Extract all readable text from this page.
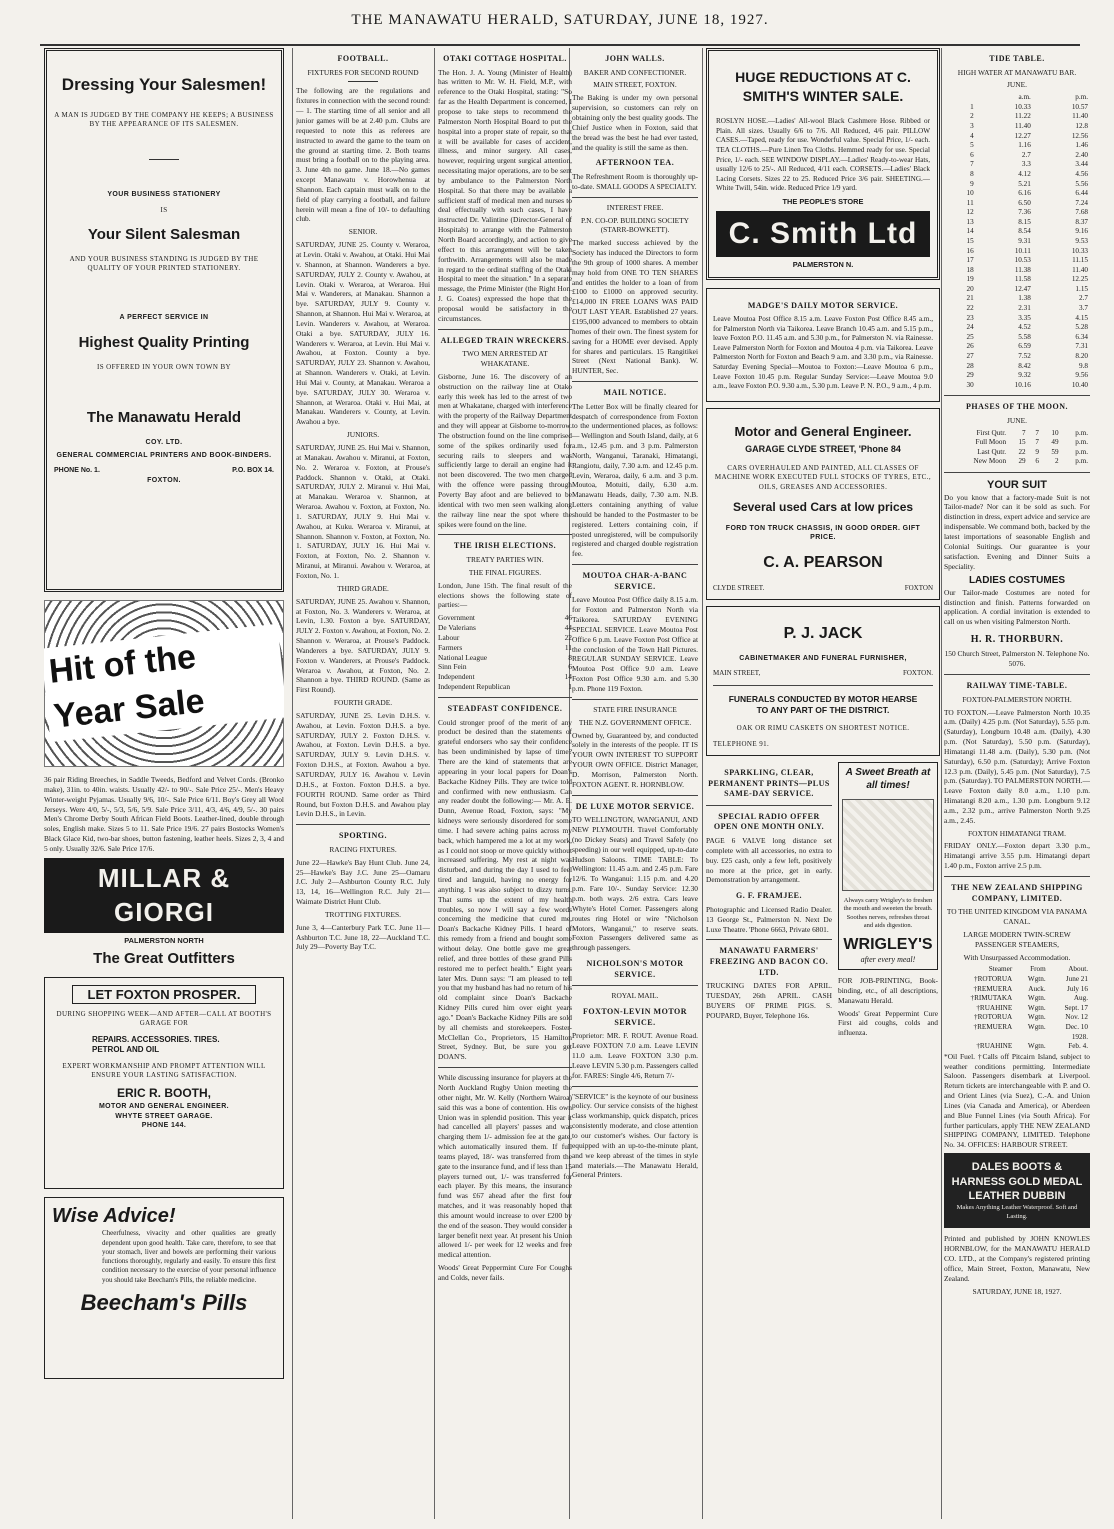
THE MANAWATU HERALD, SATURDAY, JUNE 18, 1927.
Dressing Your Salesmen!
A MAN IS JUDGED BY THE COMPANY HE KEEPS; A BUSINESS BY THE APPEARANCE OF ITS SALESMEN.
YOUR BUSINESS STATIONERY
IS
Your Silent Salesman
AND YOUR BUSINESS STANDING IS JUDGED BY THE QUALITY OF YOUR PRINTED STATIONERY.
A PERFECT SERVICE IN
Highest Quality Printing
IS OFFERED IN YOUR OWN TOWN BY
The Manawatu Herald
COY. LTD.
GENERAL COMMERCIAL PRINTERS AND BOOK-BINDERS.
PHONE No. 1.	P.O. BOX 14.
FOXTON.
Hit of the Year Sale

36 pair Riding Breeches, in Saddle Tweeds, Bedford and Velvet Cords. (Bronko make), 31in. to 40in. waists. Usually 42/- to 90/-. Sale Price 25/-. Men's Heavy Winter-weight Pyjamas. Usually 9/6, 10/-. Sale Price 6/11. Boy's Grey all Wool Jerseys. Were 4/0, 5/-, 5/3, 5/6, 5/9. Sale Price 3/11, 4/3, 4/6, 4/9, 5/-. 30 pairs Men's Chrome Derby South African Field Boots. Leather-lined, double through soles, English make. Sizes 5 to 11. Sale Price 19/6. 27 pairs Bostocks Women's Black Glace Kid, two-bar shoes, button fastening, leather heels. Sizes 2, 3, 4 and 5 only. Usually 32/6. Sale Price 17/6.

MILLAR & GIORGI
PALMERSTON NORTH
The Great Outfitters
LET FOXTON PROSPER.
DURING SHOPPING WEEK—AND AFTER—CALL AT BOOTH'S GARAGE FOR
REPAIRS. ACCESSORIES. TIRES. PETROL AND OIL
EXPERT WORKMANSHIP AND PROMPT ATTENTION WILL ENSURE YOUR LASTING SATISFACTION.
ERIC R. BOOTH,
MOTOR AND GENERAL ENGINEER.
WHYTE STREET GARAGE.
PHONE 144.
Wise Advice!

Cheerfulness, vivacity and other qualities are greatly dependent upon good health. Take care, therefore, to see that your stomach, liver and bowels are performing their various functions thoroughly, regularly and easily. To ensure this first condition necessary to the exercise of your personal influence you should take Beecham's Pills, the reliable medicine.

Beecham's Pills
FOOTBALL.
FIXTURES FOR SECOND ROUND

The following are the regulations and fixtures in connection with the second round:— 1. The starting time of all senior and all junior games will be at 2.40 p.m. Clubs are requested to note this as referees are instructed to award the game to the team on the ground at starting time. 2. Both teams must bring a football on to the playing area. 3. June 4th no game. June 18.—No games except Manawatu v. Horowhenua at Shannon. Each captain must walk on to the field of play carrying a football, and failure herein will mean a fine of 10/- to defaulting club.

SENIOR.

SATURDAY, JUNE 25. County v. Weraroa, at Levin. Otaki v. Awahou, at Otaki. Hui Mai v. Shannon, at Shannon. Wanderers a bye. SATURDAY, JULY 2. County v. Awahou, at Levin. Otaki v. Weraroa, at Weraroa. Hui Mai v. Wanderers, at Manakau. Shannon a bye. SATURDAY, JULY 9. County v. Shannon, at Shannon. Hui Mai v. Weraroa, at Levin. Wanderers v. Awahou, at Weraroa. Otaki a bye. SATURDAY, JULY 16. Wanderers v. Weraroa, at Levin. Hui Mai v. Awahou, at Foxton. County a bye. SATURDAY, JULY 23. Shannon v. Awahou, at Shannon. Wanderers v. Otaki, at Levin. Hui Mai v. County, at Manakau. Weraroa a bye. SATURDAY, JULY 30. Weraroa v. Shannon, at Weraroa. Otaki v. Hui Mai, at Manakau. Wanderers v. County, at Levin. Awahou a bye.

JUNIORS.

SATURDAY, JUNE 25. Hui Mai v. Shannon, at Manakau. Awahou v. Miranui, at Foxton, No. 2. Weraroa v. Foxton, at Prouse's Paddock. Shannon v. Otaki, at Otaki. SATURDAY, JULY 2. Miranui v. Hui Mai, at Manakau. Weraroa v. Shannon, at Weraroa. Awahou v. Foxton, at Foxton, No. 1. SATURDAY, JULY 9. Hui Mai v. Awahou, at Kuku. Weraroa v. Miranui, at Shannon. Shannon v. Foxton, at Foxton, No. 1. SATURDAY, JULY 16. Hui Mai v. Foxton, at Foxton, No. 2. Shannon v. Miranui, at Miranui. Awahou v. Weraroa, at Foxton, No. 1.

THIRD GRADE.

SATURDAY, JUNE 25. Awahou v. Shannon, at Foxton, No. 3. Wanderers v. Weraroa, at Levin, 1.30. Foxton a bye. SATURDAY, JULY 2. Foxton v. Awahou, at Foxton, No. 2. Shannon v. Weraroa, at Prouse's Paddock. Wanderers a bye. SATURDAY, JULY 9. Foxton v. Wanderers, at Prouse's Paddock. Weraroa v. Awahou, at Foxton, No. 2. Shannon a bye. THIRD ROUND. (Same as First Round).

FOURTH GRADE.

SATURDAY, JUNE 25. Levin D.H.S. v. Awahou, at Levin. Foxton D.H.S. a bye. SATURDAY, JULY 2. Foxton D.H.S. v. Awahou, at Foxton. Levin D.H.S. a bye. SATURDAY, JULY 9. Levin D.H.S. v. Foxton D.H.S., at Foxton. Awahou a bye. SATURDAY, JULY 16. Awahou v. Levin D.H.S., at Foxton. Foxton D.H.S. a bye. FOURTH ROUND. Same order as Third Round, but Foxton D.H.S. and Awahou play Levin D.H.S., in Levin.

SPORTING.
RACING FIXTURES.

June 22—Hawke's Bay Hunt Club. June 24, 25—Hawke's Bay J.C. June 25—Oamaru J.C. July 2—Ashburton County R.C. July 13, 14, 16—Wellington R.C. July 21—Waimate District Hunt Club.

TROTTING FIXTURES.

June 3, 4—Canterbury Park T.C. June 11—Ashburton T.C. June 18, 22—Auckland T.C. July 29—Poverty Bay T.C.

OTAKI COTTAGE HOSPITAL.

The Hon. J. A. Young (Minister of Health) has written to Mr. W. H. Field, M.P., with reference to the Otaki Hospital, stating: "So far as the Health Department is concerned, I propose to take steps to recommend the Palmerston North Hospital Board to put the hospital into a proper state of repair, so that it will be available for cases of accident, illness, and minor surgery. All cases, however, requiring urgent surgical attention, necessitating major operations, are to be sent by ambulance to the Palmerston North Hospital. So that there may be available a sufficient staff of medical men and nurses to deal effectually with such cases, I have instructed Dr. Valintine (Director-General of Hospitals) to arrange with the Palmerston North Board accordingly, and action to give effect to this arrangement will be taken forthwith. Arrangements will also be made in regard to the ordinal staffing of the Otaki Hospital to meet the situation." In a separate message, the Prime Minister (the Right Hon. J. G. Coates) expressed the hope that the proposal would be satisfactory in the circumstances.

ALLEGED TRAIN WRECKERS.
TWO MEN ARRESTED AT WHAKATANE.

Gisborne, June 16. The discovery of an obstruction on the railway line at Otako early this week has led to the arrest of two men at Whakatane, charged with interference with the property of the Railway Department and they will appear at Gisborne to-morrow. The obstruction found on the line comprised some of the spikes ordinarily used for securing rails to sleepers and was sufficiently large to derail an engine had it not been discovered. The two men charged with the offence were passing through Poverty Bay afoot and are believed to be identical with two men seen walking along the railway line near the spot where the spikes were found on the line.

THE IRISH ELECTIONS.
TREATY PARTIES WIN.
THE FINAL FIGURES.

London, June 15th. The final result of the elections shows the following state of parties:—

Government	46
De Valerians	44
Labour	22
Farmers	11
National League	8
Sinn Fein	6
Independent	14
Independent Republican	1
STEADFAST CONFIDENCE.

Could stronger proof of the merit of any product be desired than the statements of grateful endorsers who say their confidence has been undiminished by lapse of time? There are the kind of statements that are appearing in your local papers for Doan's Backache Kidney Pills. They are twice told and confirmed with new enthusiasm. Can any reader doubt the following:— Mr. A. E. Dunn, Avenue Road, Foxton, says: "My kidneys were seriously disordered for some time. I had severe aching pains across my back, which hampered me a lot at my work, as I could not stoop or move quickly without increased suffering. My rest at night was disturbed, and during the day I used to feel tired and languid, having no energy for anything. I was also subject to dizzy turns. That sums up the extent of my health troubles, so now I will say a few words concerning the medicine that cured me, Doan's Backache Kidney Pills. I heard of this remedy from a friend and bought some without delay. One bottle gave me great relief, and three bottles of these grand Pills restored me to perfect health." Eight years later Mrs. Dunn says: "I am pleased to tell you that my husband has had no return of his old complaint since Doan's Backache Kidney Pills cured him over eight years ago." Doan's Backache Kidney Pills are sold by all chemists and storekeepers. Foster-McClellan Co., Proprietors, 15 Hamilton Street, Sydney. But, be sure you get DOAN'S.

While discussing insurance for players at the North Auckland Rugby Union meeting the other night, Mr. W. Kelly (Northern Wairoa) said this was a bone of contention. His own Union was in splendid position. This year it had cancelled all players' passes and was charging them 1/- admission fee at the gate, which automatically insured them. If full teams played, 18/- was transferred from the gate to the insurance fund, and if less than 15 players turned out, 1/- was transferred for each player. By this means, the insurance fund was £67 ahead after the first four matches, and it was reasonably hoped that this amount would increase to over £200 by the end of the season. They would consider a larger benefit next year. At present his Union allowed 1/- per week for 12 weeks and free medical attention.

Woods' Great Peppermint Cure For Coughs and Colds, never fails.

JOHN WALLS.
BAKER AND CONFECTIONER.
MAIN STREET, FOXTON.

The Baking is under my own personal supervision, so customers can rely on obtaining only the best quality goods. The Chief Justice when in Foxton, said that the bread was the best he had ever tasted, and the quality is still the same as then.

AFTERNOON TEA.

The Refreshment Room is thoroughly up-to-date. SMALL GOODS A SPECIALTY.

INTEREST FREE.
P.N. CO-OP. BUILDING SOCIETY (STARR-BOWKETT).

The marked success achieved by the Society has induced the Directors to form the 9th group of 1000 shares. A member may hold from ONE TO TEN SHARES and entitles the holder to a loan of from £100 to £1000 on approved security. £14,000 IN FREE LOANS WAS PAID OUT LAST YEAR. Established 27 years. £195,000 advanced to members to obtain homes of their own. The finest system for saving for a HOME ever devised. Apply for shares and particulars. 15 Rangitikei Street (Next National Bank). W. HUNTER, Sec.

MAIL NOTICE.

The Letter Box will be finally cleared for despatch of correspondence from Foxton to the undermentioned places, as follows:— Wellington and South Island, daily, at 6 a.m., 12.45 p.m. and 3 p.m. Palmerston North, Wanganui, Taranaki, Himatangi, Rangiotu, daily, 7.30 a.m. and 12.45 p.m. Levin, Weraroa, daily, 6 a.m. and 3 p.m. Moutoa, Motuiti, daily, 6.30 a.m. Manawatu Heads, daily, 7.30 a.m. N.B. Letters containing anything of value should be handed to the Postmaster to be registered. Letters containing coin, if posted unregistered, will be compulsorily registered and charged double registration fee.

MOUTOA CHAR-A-BANC SERVICE.

Leave Moutoa Post Office daily 8.15 a.m. for Foxton and Palmerston North via Taikorea. SATURDAY EVENING SPECIAL SERVICE. Leave Moutoa Post Office 6 p.m. Leave Foxton Post Office at the conclusion of the Town Hall Pictures. REGULAR SUNDAY SERVICE. Leave Moutoa Post Office 9.0 a.m. Leave Foxton Post Office 9.30 a.m. and 5.30 p.m. Phone 119 Foxton.

STATE FIRE INSURANCE
THE N.Z. GOVERNMENT OFFICE.

Owned by, Guaranteed by, and conducted solely in the interests of the people. IT IS YOUR OWN INTEREST TO SUPPORT YOUR OWN OFFICE. District Manager, D. Morrison, Palmerston North. FOXTON AGENT. R. HORNBLOW.

DE LUXE MOTOR SERVICE.

TO WELLINGTON, WANGANUI, AND NEW PLYMOUTH. Travel Comfortably (no Dickey Seats) and Travel Safely (no speeding) in our well equipped, up-to-date Hudson Saloons. TIME TABLE: To Wellington: 11.45 a.m. and 2.45 p.m. Fare 12/6. To Wanganui: 1.15 p.m. and 4.20 p.m. Fare 10/-. Sunday Service: 12.30 p.m. both ways. 2/6 extra. Cars leave Whyte's Hotel Corner. Passengers along routes ring Hotel or wire "Nicholson Motors, Wanganui," to reserve seats. Foxton Passengers delivered same as through passengers.

NICHOLSON'S MOTOR SERVICE.
ROYAL MAIL.
FOXTON-LEVIN MOTOR SERVICE.

Proprietor: MR. F. ROUT. Avenue Road. Leave FOXTON 7.0 a.m. Leave LEVIN 11.0 a.m. Leave FOXTON 3.30 p.m. Leave LEVIN 5.30 p.m. Passengers called for. FARES: Single 4/6, Return 7/-

"SERVICE" is the keynote of our business policy. Our service consists of the highest class workmanship, quick dispatch, prices consistently moderate, and close attention to our customer's wishes. Our factory is equipped with an up-to-the-minute plant, and we keep abreast of the times in style and materials.—The Manawatu Herald, General Printers.

HUGE REDUCTIONS AT C. SMITH'S WINTER SALE.

ROSLYN HOSE.—Ladies' All-wool Black Cashmere Hose. Ribbed or Plain. All sizes. Usually 6/6 to 7/6. All Reduced, 4/6 pair. PILLOW CASES.—Taped, ready for use. Wonderful value. Special Price, 1/- each. TEA CLOTHS.—Pure Linen Tea Cloths. Hemmed ready for use. Special Price, 1/- each. SEE WINDOW DISPLAY.—Ladies' Ready-to-wear Hats, usually 12/6 to 25/-. All Reduced, 4/11 each. CORSETS.—Ladies' Black Lacing Corsets. Sizes 22 to 25. Reduced Price 3/6 pair. SHEETING.—White Twill, 54in. wide. Reduced Price 1/9 yard.

THE PEOPLE'S STORE
C. Smith Ltd
PALMERSTON N.
MADGE'S DAILY MOTOR SERVICE.

Leave Moutoa Post Office 8.15 a.m. Leave Foxton Post Office 8.45 a.m., for Palmerston North via Taikorea. Leave Branch 10.45 a.m. and 5.15 p.m., leave Foxton P.O. 11.45 a.m. and 5.30 p.m., for Palmerston N. via Rainesse. Leave Palmerston North for Foxton and Moutoa 4 p.m. via Taikorea. Leave Palmerston North for Foxton and Beach 9 a.m. and 3.30 p.m., via Rainesse. Saturday Evening Special—Moutoa to Foxton:—Leave Moutoa 6 p.m., Leave Foxton 10.45 p.m. Regular Sunday Service:—Leave Moutoa 9.0 a.m., leave Foxton P.O. 9.30 a.m., 5.30 p.m. Leave P. N. P.O., 9 a.m., 4 p.m.

Motor and General Engineer.
GARAGE CLYDE STREET, 'Phone 84
CARS OVERHAULED AND PAINTED, ALL CLASSES OF MACHINE WORK EXECUTED FULL STOCKS OF TYRES, ETC., OILS, GREASES AND ACCESSORIES.
Several used Cars at low prices
FORD TON TRUCK CHASSIS, IN GOOD ORDER. GIFT PRICE.
C. A. PEARSON
CLYDE STREET.	FOXTON
P. J. JACK
CABINETMAKER AND FUNERAL FURNISHER,
MAIN STREET,	FOXTON.
FUNERALS CONDUCTED BY MOTOR HEARSE TO ANY PART OF THE DISTRICT.
OAK OR RIMU CASKETS ON SHORTEST NOTICE.
TELEPHONE 91.
SPARKLING, CLEAR, PERMANENT PRINTS—PLUS SAME-DAY SERVICE.
SPECIAL RADIO OFFER OPEN ONE MONTH ONLY.

PAGE 6 VALVE long distance set complete with all accessories, no extra to buy. £25 cash, only a few left, positively no more at the price, get in early. Demonstration by arrangement.

G. F. FRAMJEE.

Photographic and Licensed Radio Dealer. 13 George St., Palmerston N. Next De Luxe Theatre. 'Phone 6663, Private 6801.

MANAWATU FARMERS' FREEZING AND BACON CO. LTD.

TRUCKING DATES FOR APRIL. TUESDAY, 26th APRIL. CASH BUYERS OF PRIME PIGS. S. POUPARD, Buyer, Telephone 16s.

A Sweet Breath at all times!

Always carry Wrigley's to freshen the mouth and sweeten the breath. Soothes nerves, refreshes throat and aids digestion.

WRIGLEY'S
after every meal!

FOR JOB-PRINTING, Book-binding, etc., of all descriptions, Manawatu Herald.

Woods' Great Peppermint Cure First aid coughs, colds and influenza.

TIDE TABLE.
HIGH WATER AT MANAWATU BAR.
JUNE.
	a.m.	p.m.
1	10.33	10.57
2	11.22	11.40
3	11.40	12.8
4	12.27	12.56
5	1.16	1.46
6	2.7	2.40
7	3.3	3.44
8	4.12	4.56
9	5.21	5.56
10	6.16	6.44
11	6.50	7.24
12	7.36	7.68
13	8.15	8.37
14	8.54	9.16
15	9.31	9.53
16	10.11	10.33
17	10.53	11.15
18	11.38	11.40
19	11.58	12.25
20	12.47	1.15
21	1.38	2.7
22	2.31	3.7
23	3.35	4.15
24	4.52	5.28
25	5.58	6.34
26	6.59	7.31
27	7.52	8.20
28	8.42	9.8
29	9.32	9.56
30	10.16	10.40
PHASES OF THE MOON.
JUNE.
First Qutr.	7	7	10	p.m.
Full Moon	15	7	49	p.m.
Last Qutr.	22	9	59	p.m.
New Moon	29	6	2	p.m.
YOUR SUIT

Do you know that a factory-made Suit is not Tailor-made? Nor can it be sold as such. For distinction in dress, expert advice and service are indispensable. We command both, backed by the latest importations of seasonable English and Colonial Suitings. Our guarantee is your satisfaction. Evening and Dinner Suits a Speciality.

LADIES COSTUMES

Our Tailor-made Costumes are noted for distinction and finish. Patterns forwarded on application. A cordial invitation is extended to call on us when visiting Palmerston North.

H. R. THORBURN.
150 Church Street, Palmerston N. Telephone No. 5076.
RAILWAY TIME-TABLE.
FOXTON-PALMERSTON NORTH.

TO FOXTON.—Leave Palmerston North 10.35 a.m. (Daily) 4.25 p.m. (Not Saturday), 5.55 p.m. (Saturday), Longburn 10.48 a.m. (Daily), 4.30 p.m. (Not Saturday), 5.50 p.m. (Saturday), Himatangi 11.48 a.m. (Daily), 5.30 p.m. (Not Saturday), 6.50 p.m. (Saturday); Arrive Foxton 12.3 p.m. (Daily), 5.45 p.m. (Not Saturday), 7.5 p.m. (Saturday). TO PALMERSTON NORTH.—Leave Foxton daily 8.0 a.m., 1.10 p.m. Himatangi 8.20 a.m., 1.30 p.m. Longburn 9.12 a.m., 2.32 p.m., arrive Palmerston North 9.25 a.m., 2.45.

FOXTON HIMATANGI TRAM.

FRIDAY ONLY.—Foxton depart 3.30 p.m., Himatangi arrive 3.55 p.m. Himatangi depart 1.40 p.m., Foxton arrive 2.5 p.m.

THE NEW ZEALAND SHIPPING COMPANY, LIMITED.
TO THE UNITED KINGDOM VIA PANAMA CANAL.
LARGE MODERN TWIN-SCREW PASSENGER STEAMERS,
With Unsurpassed Accommodation.
Steamer	From	About.
†ROTORUA	Wgtn.	June 21
†REMUERA	Auck.	July 16
†RIMUTAKA	Wgtn.	Aug.
†RUAHINE	Wgtn.	Sept. 17
†ROTORUA	Wgtn.	Nov. 12
†REMUERA	Wgtn.	Dec. 10
		1928.
†RUAHINE	Wgtn.	Feb. 4.

*Oil Fuel. †Calls off Pitcairn Island, subject to weather conditions permitting. Intermediate Saloon. Passengers disembark at Liverpool. Return tickets are interchangeable with P. and O. and Orient Lines (via Suez), C.-A. and Union Lines (via Canada and America), or Aberdeen and Blue Funnel Lines (via South Africa). For further particulars, apply THE NEW ZEALAND SHIPPING COMPANY, LIMITED. Telephone No. 34. OFFICES: HARBOUR STREET.

DALES BOOTS & HARNESS GOLD MEDAL LEATHER DUBBIN
Makes Anything Leather Waterproof. Soft and Lasting.

Printed and published by JOHN KNOWLES HORNBLOW, for the MANAWATU HERALD CO. LTD., at the Company's registered printing office, Main Street, Foxton, Manawatu, New Zealand.

SATURDAY, JUNE 18, 1927.
